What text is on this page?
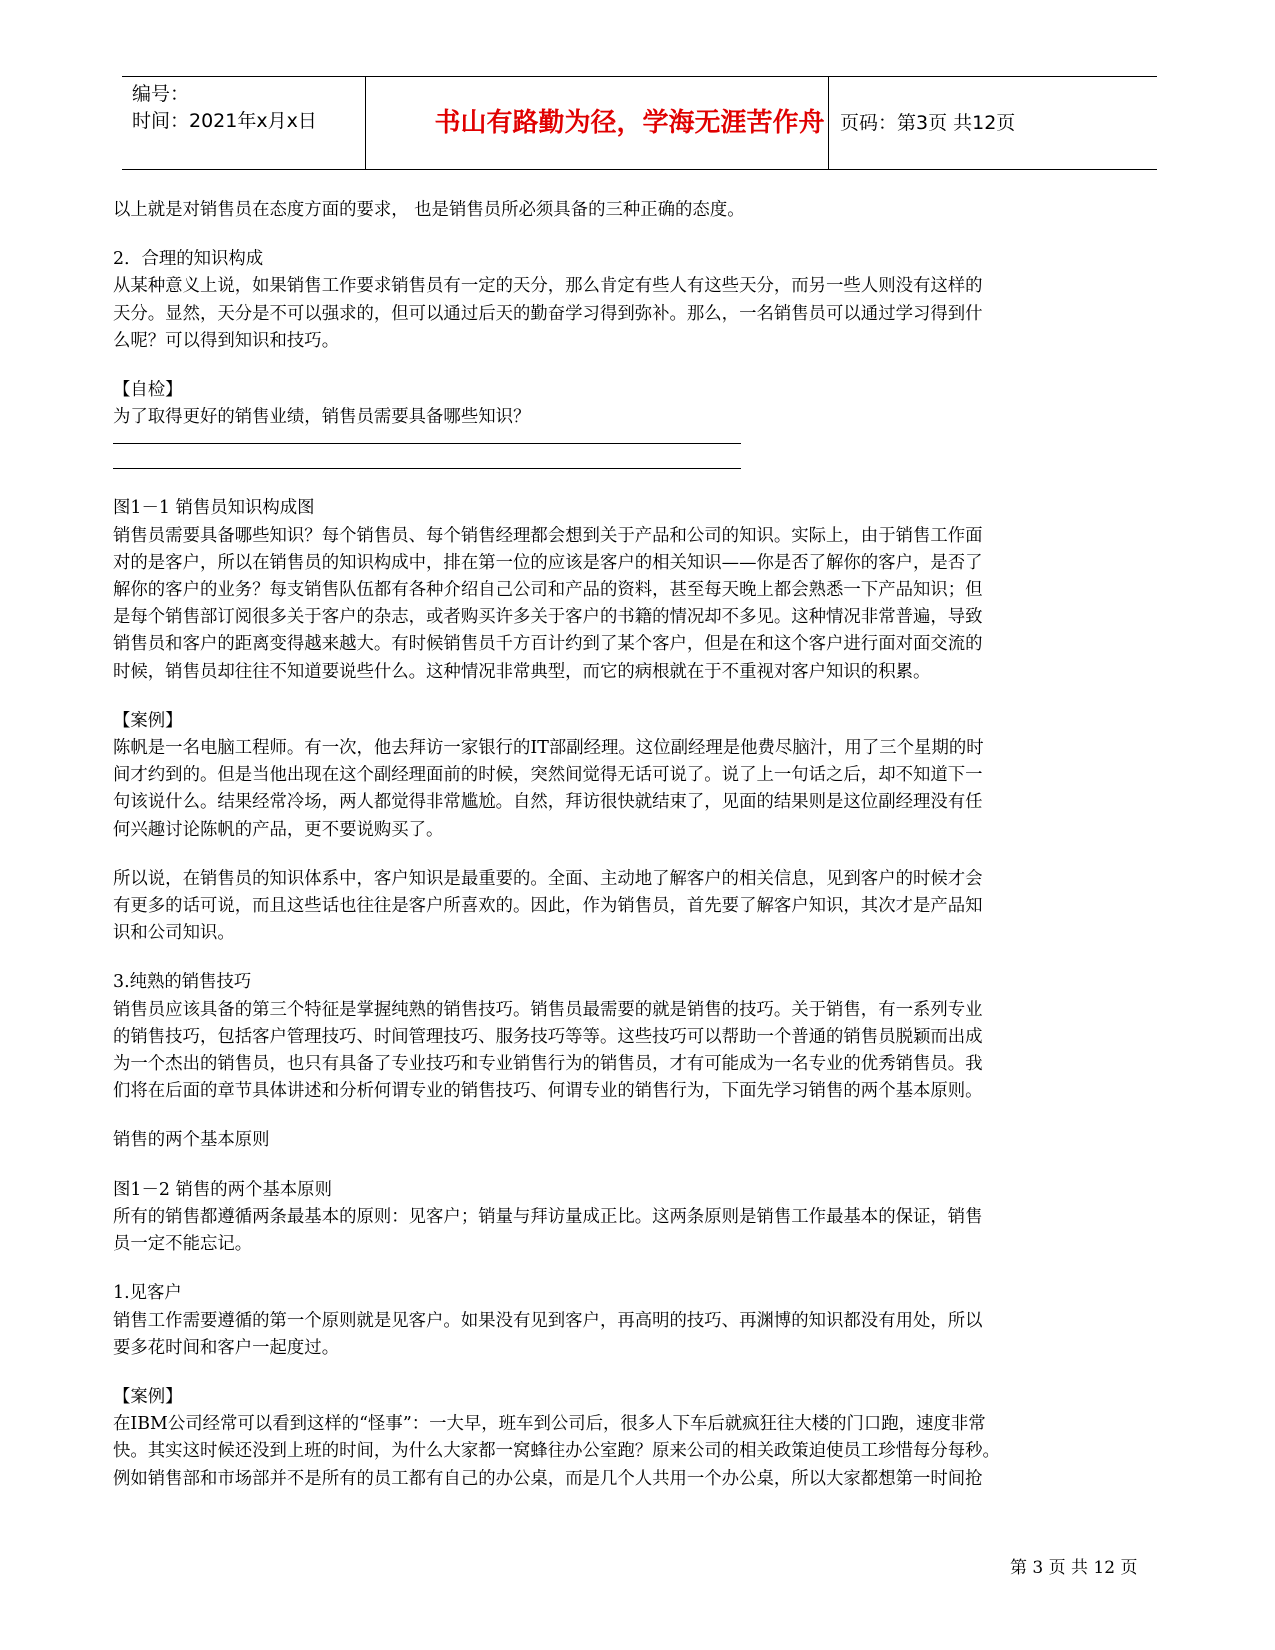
编号：
时间：2021年x月x日	书山有路勤为径，学海无涯苦作舟 页码：第3页 共12页

以上就是对销售员在态度方面的要求， 也是销售员所必须具备的三种正确的态度。

2．合理的知识构成

从某种意义上说，如果销售工作要求销售员有一定的天分，那么肯定有些人有这些天分，而另一些人则没有这样的

天分。显然，天分是不可以强求的，但可以通过后天的勤奋学习得到弥补。那么，一名销售员可以通过学习得到什

么呢？可以得到知识和技巧。

【自检】

为了取得更好的销售业绩，销售员需要具备哪些知识？

图1－1 销售员知识构成图

销售员需要具备哪些知识？每个销售员、每个销售经理都会想到关于产品和公司的知识。实际上，由于销售工作面

对的是客户，所以在销售员的知识构成中，排在第一位的应该是客户的相关知识——你是否了解你的客户，是否了

解你的客户的业务？每支销售队伍都有各种介绍自己公司和产品的资料，甚至每天晚上都会熟悉一下产品知识；但

是每个销售部订阅很多关于客户的杂志，或者购买许多关于客户的书籍的情况却不多见。这种情况非常普遍，导致

销售员和客户的距离变得越来越大。有时候销售员千方百计约到了某个客户，但是在和这个客户进行面对面交流的

时候，销售员却往往不知道要说些什么。这种情况非常典型，而它的病根就在于不重视对客户知识的积累。

【案例】

陈帆是一名电脑工程师。有一次，他去拜访一家银行的IT部副经理。这位副经理是他费尽脑汁，用了三个星期的时

间才约到的。但是当他出现在这个副经理面前的时候，突然间觉得无话可说了。说了上一句话之后，却不知道下一

句该说什么。结果经常冷场，两人都觉得非常尴尬。自然，拜访很快就结束了，见面的结果则是这位副经理没有任

何兴趣讨论陈帆的产品，更不要说购买了。

所以说，在销售员的知识体系中，客户知识是最重要的。全面、主动地了解客户的相关信息，见到客户的时候才会

有更多的话可说，而且这些话也往往是客户所喜欢的。因此，作为销售员，首先要了解客户知识，其次才是产品知

识和公司知识。

3.纯熟的销售技巧

销售员应该具备的第三个特征是掌握纯熟的销售技巧。销售员最需要的就是销售的技巧。关于销售，有一系列专业

的销售技巧，包括客户管理技巧、时间管理技巧、服务技巧等等。这些技巧可以帮助一个普通的销售员脱颖而出成

为一个杰出的销售员，也只有具备了专业技巧和专业销售行为的销售员，才有可能成为一名专业的优秀销售员。我

们将在后面的章节具体讲述和分析何谓专业的销售技巧、何谓专业的销售行为，下面先学习销售的两个基本原则。

销售的两个基本原则

图1－2 销售的两个基本原则

所有的销售都遵循两条最基本的原则：见客户；销量与拜访量成正比。这两条原则是销售工作最基本的保证，销售

员一定不能忘记。

1.见客户

销售工作需要遵循的第一个原则就是见客户。如果没有见到客户，再高明的技巧、再渊博的知识都没有用处，所以

要多花时间和客户一起度过。

【案例】

在IBM公司经常可以看到这样的“怪事”：一大早，班车到公司后，很多人下车后就疯狂往大楼的门口跑，速度非常

快。其实这时候还没到上班的时间，为什么大家都一窝蜂往办公室跑？原来公司的相关政策迫使员工珍惜每分每秒。

例如销售部和市场部并不是所有的员工都有自己的办公桌，而是几个人共用一个办公桌，所以大家都想第一时间抢

第 3 页 共 12 页
